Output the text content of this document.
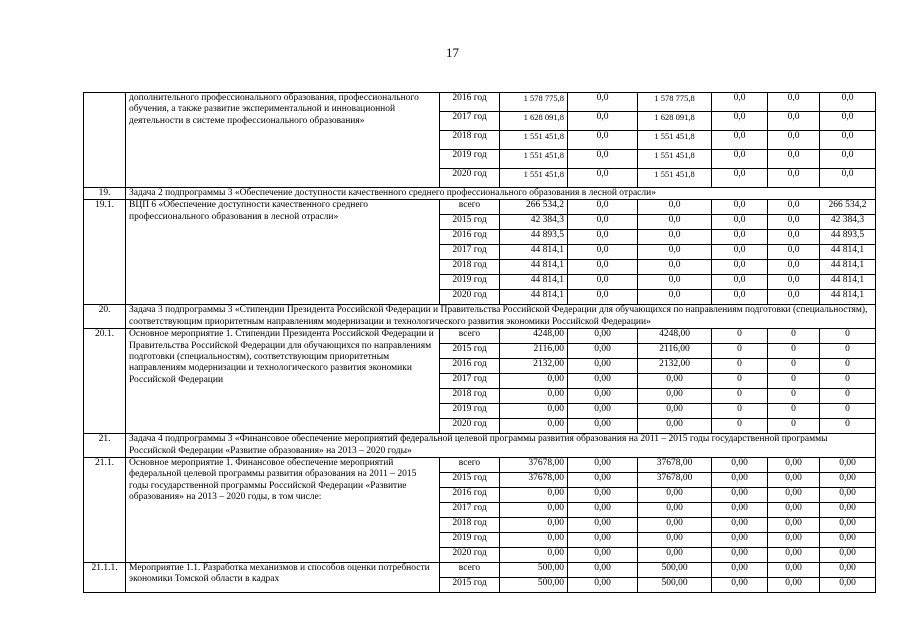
17
	дополнительного профессионального образования, профессионального обучения, а также развитие экспериментальной и инновационной деятельности в системе профессионального образования»	2016 год	1 578 775,8	0,0	1 578 775,8	0,0	0,0	0,0
		2017 год	1 628 091,8	0,0	1 628 091,8	0,0	0,0	0,0
		2018 год	1 551 451,8	0,0	1 551 451,8	0,0	0,0	0,0
		2019 год	1 551 451,8	0,0	1 551 451,8	0,0	0,0	0,0
		2020 год	1 551 451,8	0,0	1 551 451,8	0,0	0,0	0,0
19.	Задача 2 подпрограммы 3 «Обеспечение доступности качественного среднего профессионального образования в лесной отрасли»							
19.1.	ВЦП 6 «Обеспечение доступности качественного среднего профессионального образования в лесной отрасли»	всего	266 534,2	0,0	0,0	0,0	0,0	266 534,2
		2015 год	42 384,3	0,0	0,0	0,0	0,0	42 384,3
		2016 год	44 893,5	0,0	0,0	0,0	0,0	44 893,5
		2017 год	44 814,1	0,0	0,0	0,0	0,0	44 814,1
		2018 год	44 814,1	0,0	0,0	0,0	0,0	44 814,1
		2019 год	44 814,1	0,0	0,0	0,0	0,0	44 814,1
		2020 год	44 814,1	0,0	0,0	0,0	0,0	44 814,1
20.	Задача 3 подпрограммы 3 «Стипендии Президента Российской Федерации и Правительства Российской Федерации для обучающихся по направлениям подготовки (специальностям), соответствующим приоритетным направлениям модернизации и технологического развития экономики Российской Федерации»							
20.1.	Основное мероприятие 1. Стипендии Президента Российской Федерации и Правительства Российской Федерации для обучающихся по направлениям подготовки (специальностям), соответствующим приоритетным направлениям модернизации и технологического развития экономики Российской Федерации	всего	4248,00	0,00	4248,00	0	0	0
		2015 год	2116,00	0,00	2116,00	0	0	0
		2016 год	2132,00	0,00	2132,00	0	0	0
		2017 год	0,00	0,00	0,00	0	0	0
		2018 год	0,00	0,00	0,00	0	0	0
		2019 год	0,00	0,00	0,00	0	0	0
		2020 год	0,00	0,00	0,00	0	0	0
21.	Задача 4 подпрограммы 3 «Финансовое обеспечение мероприятий федеральной целевой программы развития образования на 2011 – 2015 годы государственной программы Российской Федерации «Развитие образования» на 2013 – 2020 годы»							
21.1.	Основное мероприятие 1. Финансовое обеспечение мероприятий федеральной целевой программы развития образования на 2011 – 2015 годы государственной программы Российской Федерации «Развитие образования» на 2013 – 2020 годы, в том числе:	всего	37678,00	0,00	37678,00	0,00	0,00	0,00
		2015 год	37678,00	0,00	37678,00	0,00	0,00	0,00
		2016 год	0,00	0,00	0,00	0,00	0,00	0,00
		2017 год	0,00	0,00	0,00	0,00	0,00	0,00
		2018 год	0,00	0,00	0,00	0,00	0,00	0,00
		2019 год	0,00	0,00	0,00	0,00	0,00	0,00
		2020 год	0,00	0,00	0,00	0,00	0,00	0,00
21.1.1.	Мероприятие 1.1. Разработка механизмов и способов оценки потребности экономики Томской области в кадрах	всего	500,00	0,00	500,00	0,00	0,00	0,00
		2015 год	500,00	0,00	500,00	0,00	0,00	0,00
